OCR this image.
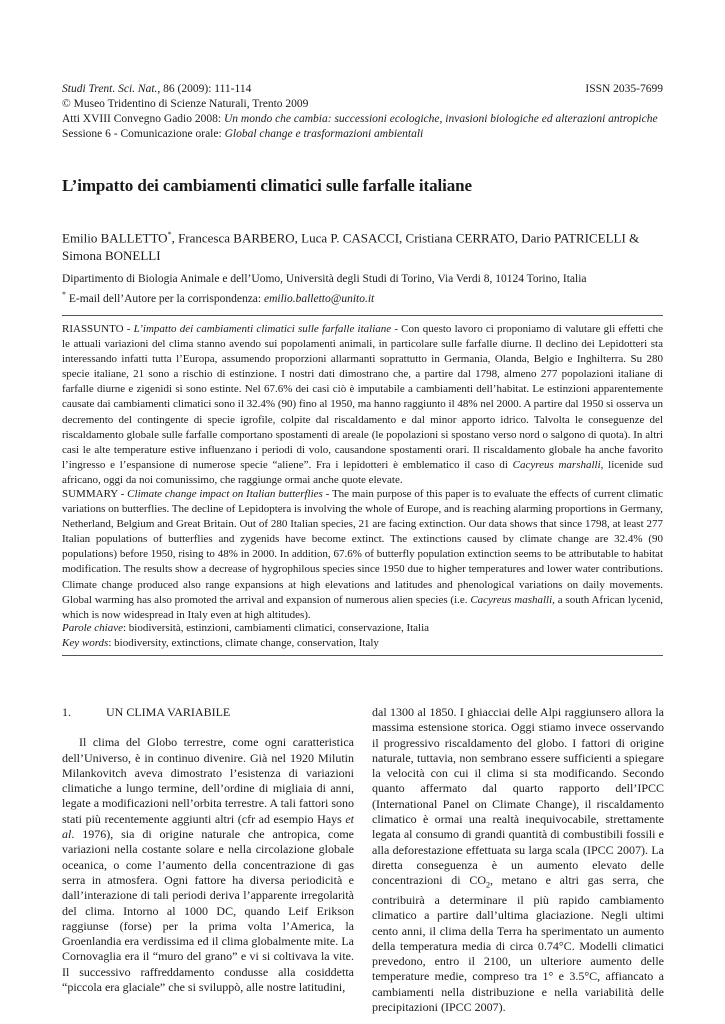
Studi Trent. Sci. Nat., 86 (2009): 111-114	ISSN 2035-7699
© Museo Tridentino di Scienze Naturali, Trento 2009
Atti XVIII Convegno Gadio 2008: Un mondo che cambia: successioni ecologiche, invasioni biologiche ed alterazioni antropiche
Sessione 6 - Comunicazione orale: Global change e trasformazioni ambientali
L’impatto dei cambiamenti climatici sulle farfalle italiane
Emilio BALLETTO*, Francesca BARBERO, Luca P. CASACCI, Cristiana CERRATO, Dario PATRICELLI &
Simona BONELLI
Dipartimento di Biologia Animale e dell’Uomo, Università degli Studi di Torino, Via Verdi 8, 10124 Torino, Italia
* E-mail dell’Autore per la corrispondenza: emilio.balletto@unito.it
RIASSUNTO - L’impatto dei cambiamenti climatici sulle farfalle italiane - Con questo lavoro ci proponiamo di valutare gli effetti che le attuali variazioni del clima stanno avendo sui popolamenti animali, in particolare sulle farfalle diurne. Il declino dei Lepidotteri sta interessando infatti tutta l’Europa, assumendo proporzioni allarmanti soprattutto in Germania, Olanda, Belgio e Inghilterra. Su 280 specie italiane, 21 sono a rischio di estinzione. I nostri dati dimostrano che, a partire dal 1798, almeno 277 popolazioni italiane di farfalle diurne e zigenidi si sono estinte. Nel 67.6% dei casi ciò è imputabile a cambiamenti dell’habitat. Le estinzioni apparentemente causate dai cambiamenti climatici sono il 32.4% (90) fino al 1950, ma hanno raggiunto il 48% nel 2000. A partire dal 1950 si osserva un decremento del contingente di specie igrofile, colpite dal riscaldamento e dal minor apporto idrico. Talvolta le conseguenze del riscaldamento globale sulle farfalle comportano spostamenti di areale (le popolazioni si spostano verso nord o salgono di quota). In altri casi le alte temperature estive influenzano i periodi di volo, causandone spostamenti orari. Il riscaldamento globale ha anche favorito l’ingresso e l’espansione di numerose specie “aliene”. Fra i lepidotteri è emblematico il caso di Cacyreus marshalli, licenide sud africano, oggi da noi comunissimo, che raggiunge ormai anche quote elevate.
SUMMARY - Climate change impact on Italian butterflies - The main purpose of this paper is to evaluate the effects of current climatic variations on butterflies. The decline of Lepidoptera is involving the whole of Europe, and is reaching alarming proportions in Germany, Netherland, Belgium and Great Britain. Out of 280 Italian species, 21 are facing extinction. Our data shows that since 1798, at least 277 Italian populations of butterflies and zygenids have become extinct. The extinctions caused by climate change are 32.4% (90 populations) before 1950, rising to 48% in 2000. In addition, 67.6% of butterfly population extinction seems to be attributable to habitat modification. The results show a decrease of hygrophilous species since 1950 due to higher temperatures and lower water contributions. Climate change produced also range expansions at high elevations and latitudes and phenological variations on daily movements. Global warming has also promoted the arrival and expansion of numerous alien species (i.e. Cacyreus mashalli, a south African lycenid, which is now widespread in Italy even at high altitudes).
Parole chiave: biodiversità, estinzioni, cambiamenti climatici, conservazione, Italia
Key words: biodiversity, extinctions, climate change, conservation, Italy
1.	UN CLIMA VARIABILE

Il clima del Globo terrestre, come ogni caratteristica dell’Universo, è in continuo divenire. Già nel 1920 Milutin Milankovitch aveva dimostrato l’esistenza di variazioni climatiche a lungo termine, dell’ordine di migliaia di anni, legate a modificazioni nell’orbita terrestre. A tali fattori sono stati più recentemente aggiunti altri (cfr ad esempio Hays et al. 1976), sia di origine naturale che antropica, come variazioni nella costante solare e nella circolazione globale oceanica, o come l’aumento della concentrazione di gas serra in atmosfera. Ogni fattore ha diversa periodicità e dall’interazione di tali periodi deriva l’apparente irregolarità del clima. Intorno al 1000 DC, quando Leif Erikson raggiunse (forse) per la prima volta l’America, la Groenlandia era verdissima ed il clima globalmente mite. La Cornovaglia era il “muro del grano” e vi si coltivava la vite. Il successivo raffreddamento condusse alla cosiddetta “piccola era glaciale” che si sviluppò, alle nostre latitudini,

dal 1300 al 1850. I ghiacciai delle Alpi raggiunsero allora la massima estensione storica. Oggi stiamo invece osservando il progressivo riscaldamento del globo. I fattori di origine naturale, tuttavia, non sembrano essere sufficienti a spiegare la velocità con cui il clima si sta modificando. Secondo quanto affermato dal quarto rapporto dell’IPCC (International Panel on Climate Change), il riscaldamento climatico è ormai una realtà inequivocabile, strettamente legata al consumo di grandi quantità di combustibili fossili e alla deforestazione effettuata su larga scala (IPCC 2007). La diretta conseguenza è un aumento elevato delle concentrazioni di $CO_2$, metano e altri gas serra, che contribuirà a determinare il più rapido cambiamento climatico a partire dall’ultima glaciazione. Negli ultimi cento anni, il clima della Terra ha sperimentato un aumento della temperatura media di circa 0.74°C. Modelli climatici prevedono, entro il 2100, un ulteriore aumento delle temperature medie, compreso tra 1° e 3.5°C, affiancato a cambiamenti nella distribuzione e nella variabilità delle precipitazioni (IPCC 2007).
